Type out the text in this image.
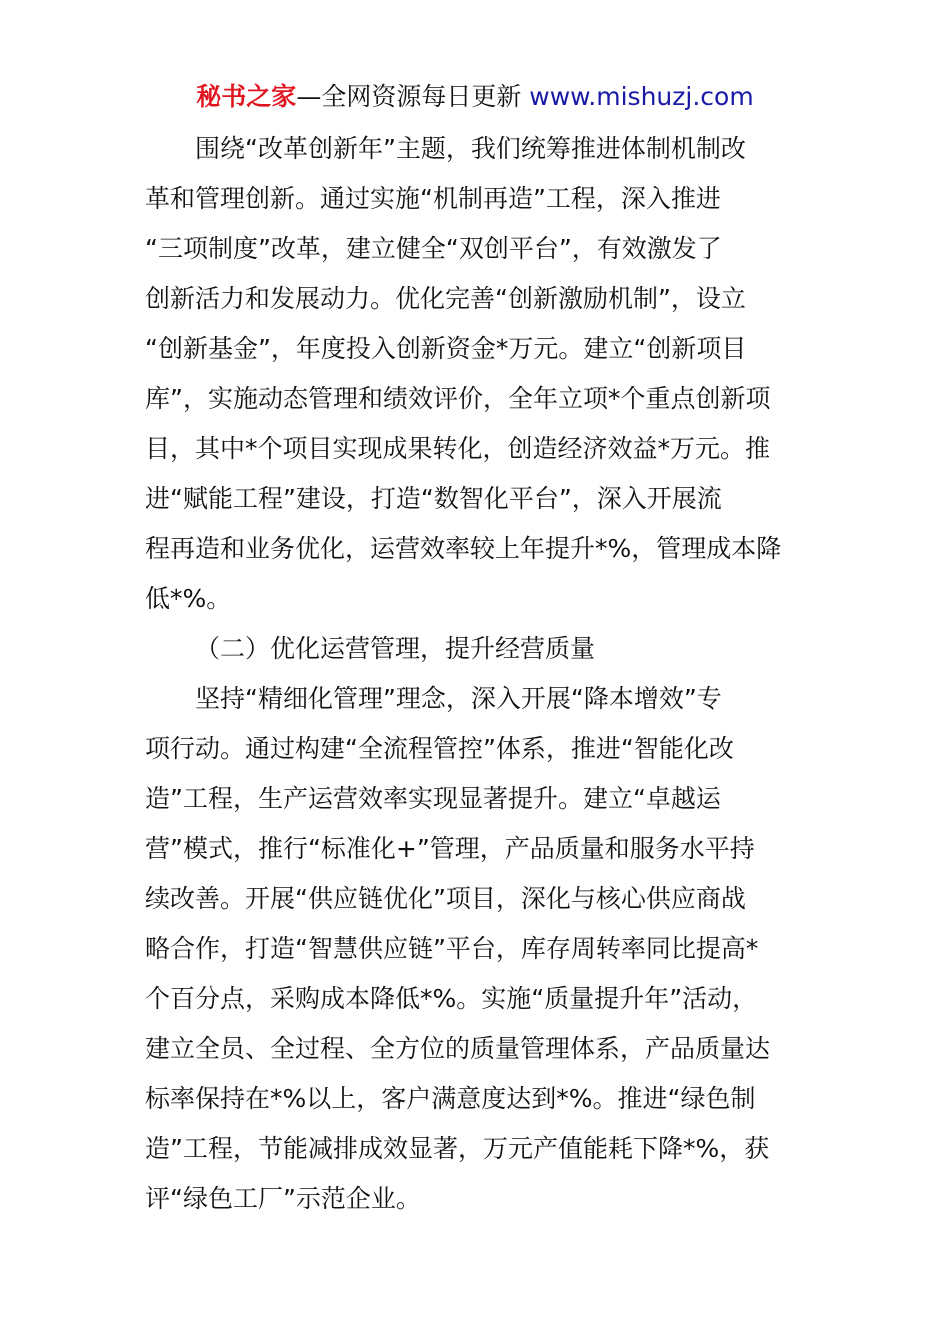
秘书之家—全网资源每日更新 www.mishuzj.com
围绕“改革创新年”主题，我们统筹推进体制机制改
革和管理创新。通过实施“机制再造”工程，深入推进
“三项制度”改革，建立健全“双创平台”，有效激发了
创新活力和发展动力。优化完善“创新激励机制”，设立
“创新基金”，年度投入创新资金*万元。建立“创新项目
库”，实施动态管理和绩效评价，全年立项*个重点创新项
目，其中*个项目实现成果转化，创造经济效益*万元。推
进“赋能工程”建设，打造“数智化平台”，深入开展流
程再造和业务优化，运营效率较上年提升*%，管理成本降
低*%。
（二）优化运营管理，提升经营质量
坚持“精细化管理”理念，深入开展“降本增效”专
项行动。通过构建“全流程管控”体系，推进“智能化改
造”工程，生产运营效率实现显著提升。建立“卓越运
营”模式，推行“标准化+”管理，产品质量和服务水平持
续改善。开展“供应链优化”项目，深化与核心供应商战
略合作，打造“智慧供应链”平台，库存周转率同比提高*
个百分点，采购成本降低*%。实施“质量提升年”活动，
建立全员、全过程、全方位的质量管理体系，产品质量达
标率保持在*%以上，客户满意度达到*%。推进“绿色制
造”工程，节能减排成效显著，万元产值能耗下降*%，获
评“绿色工厂”示范企业。
